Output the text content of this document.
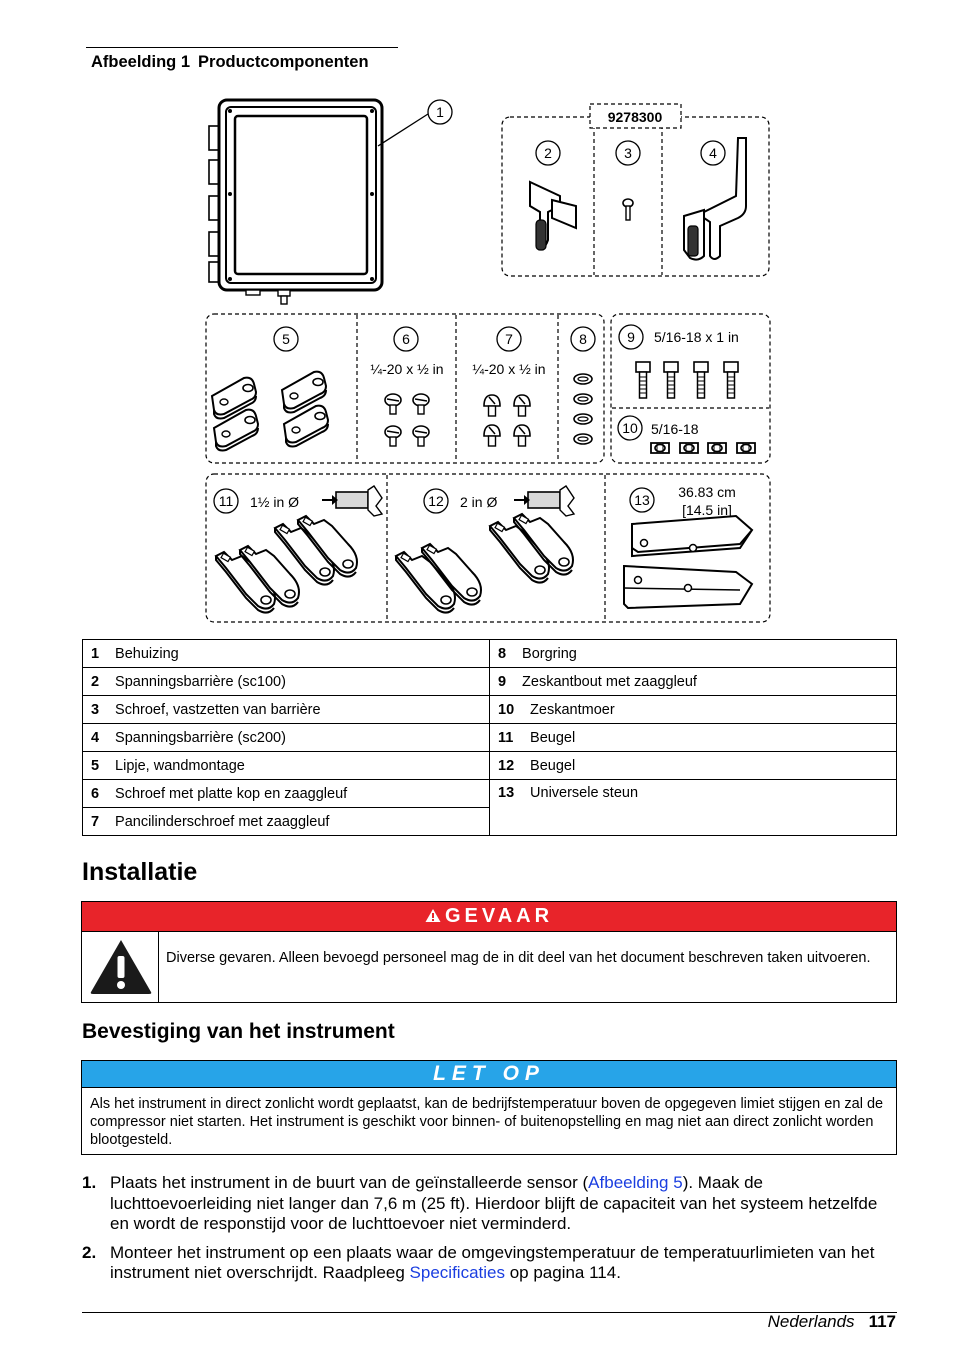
Afbeelding 1 Productcomponenten
1	9278300
2	3	4
5	6
¼-20 x ½ in
7
¼-20 x ½ in
8	9 5/16-18 x 1 in
10 5/16-18
11 1½ in Ø	12 2 in Ø	13 36.83 cm
[14.5 in]
1 Behuizing	8 Borgring
2 Spanningsbarrière (sc100)	9 Zeskantbout met zaaggleuf
3 Schroef, vastzetten van barrière	10 Zeskantmoer
4 Spanningsbarrière (sc200)	11 Beugel
5 Lipje, wandmontage	12 Beugel
6 Schroef met platte kop en zaaggleuf	13 Universele steun
7 Pancilinderschroef met zaaggleuf	
Installatie
GEVAAR
Diverse gevaren. Alleen bevoegd personeel mag de in dit deel van het document beschreven taken uitvoeren.
Bevestiging van het instrument
LET OP
Als het instrument in direct zonlicht wordt geplaatst, kan de bedrijfstemperatuur boven de opgegeven limiet stijgen en zal de compressor niet starten. Het instrument is geschikt voor binnen- of buitenopstelling en mag niet aan direct zonlicht worden blootgesteld.
1. Plaats het instrument in de buurt van de geïnstalleerde sensor (Afbeelding 5). Maak de luchttoevoerleiding niet langer dan 7,6 m (25 ft). Hierdoor blijft de capaciteit van het systeem hetzelfde en wordt de responstijd voor de luchttoevoer niet verminderd.
2. Monteer het instrument op een plaats waar de omgevingstemperatuur de temperatuurlimieten van het instrument niet overschrijdt. Raadpleeg Specificaties op pagina 114.
Nederlands 117
